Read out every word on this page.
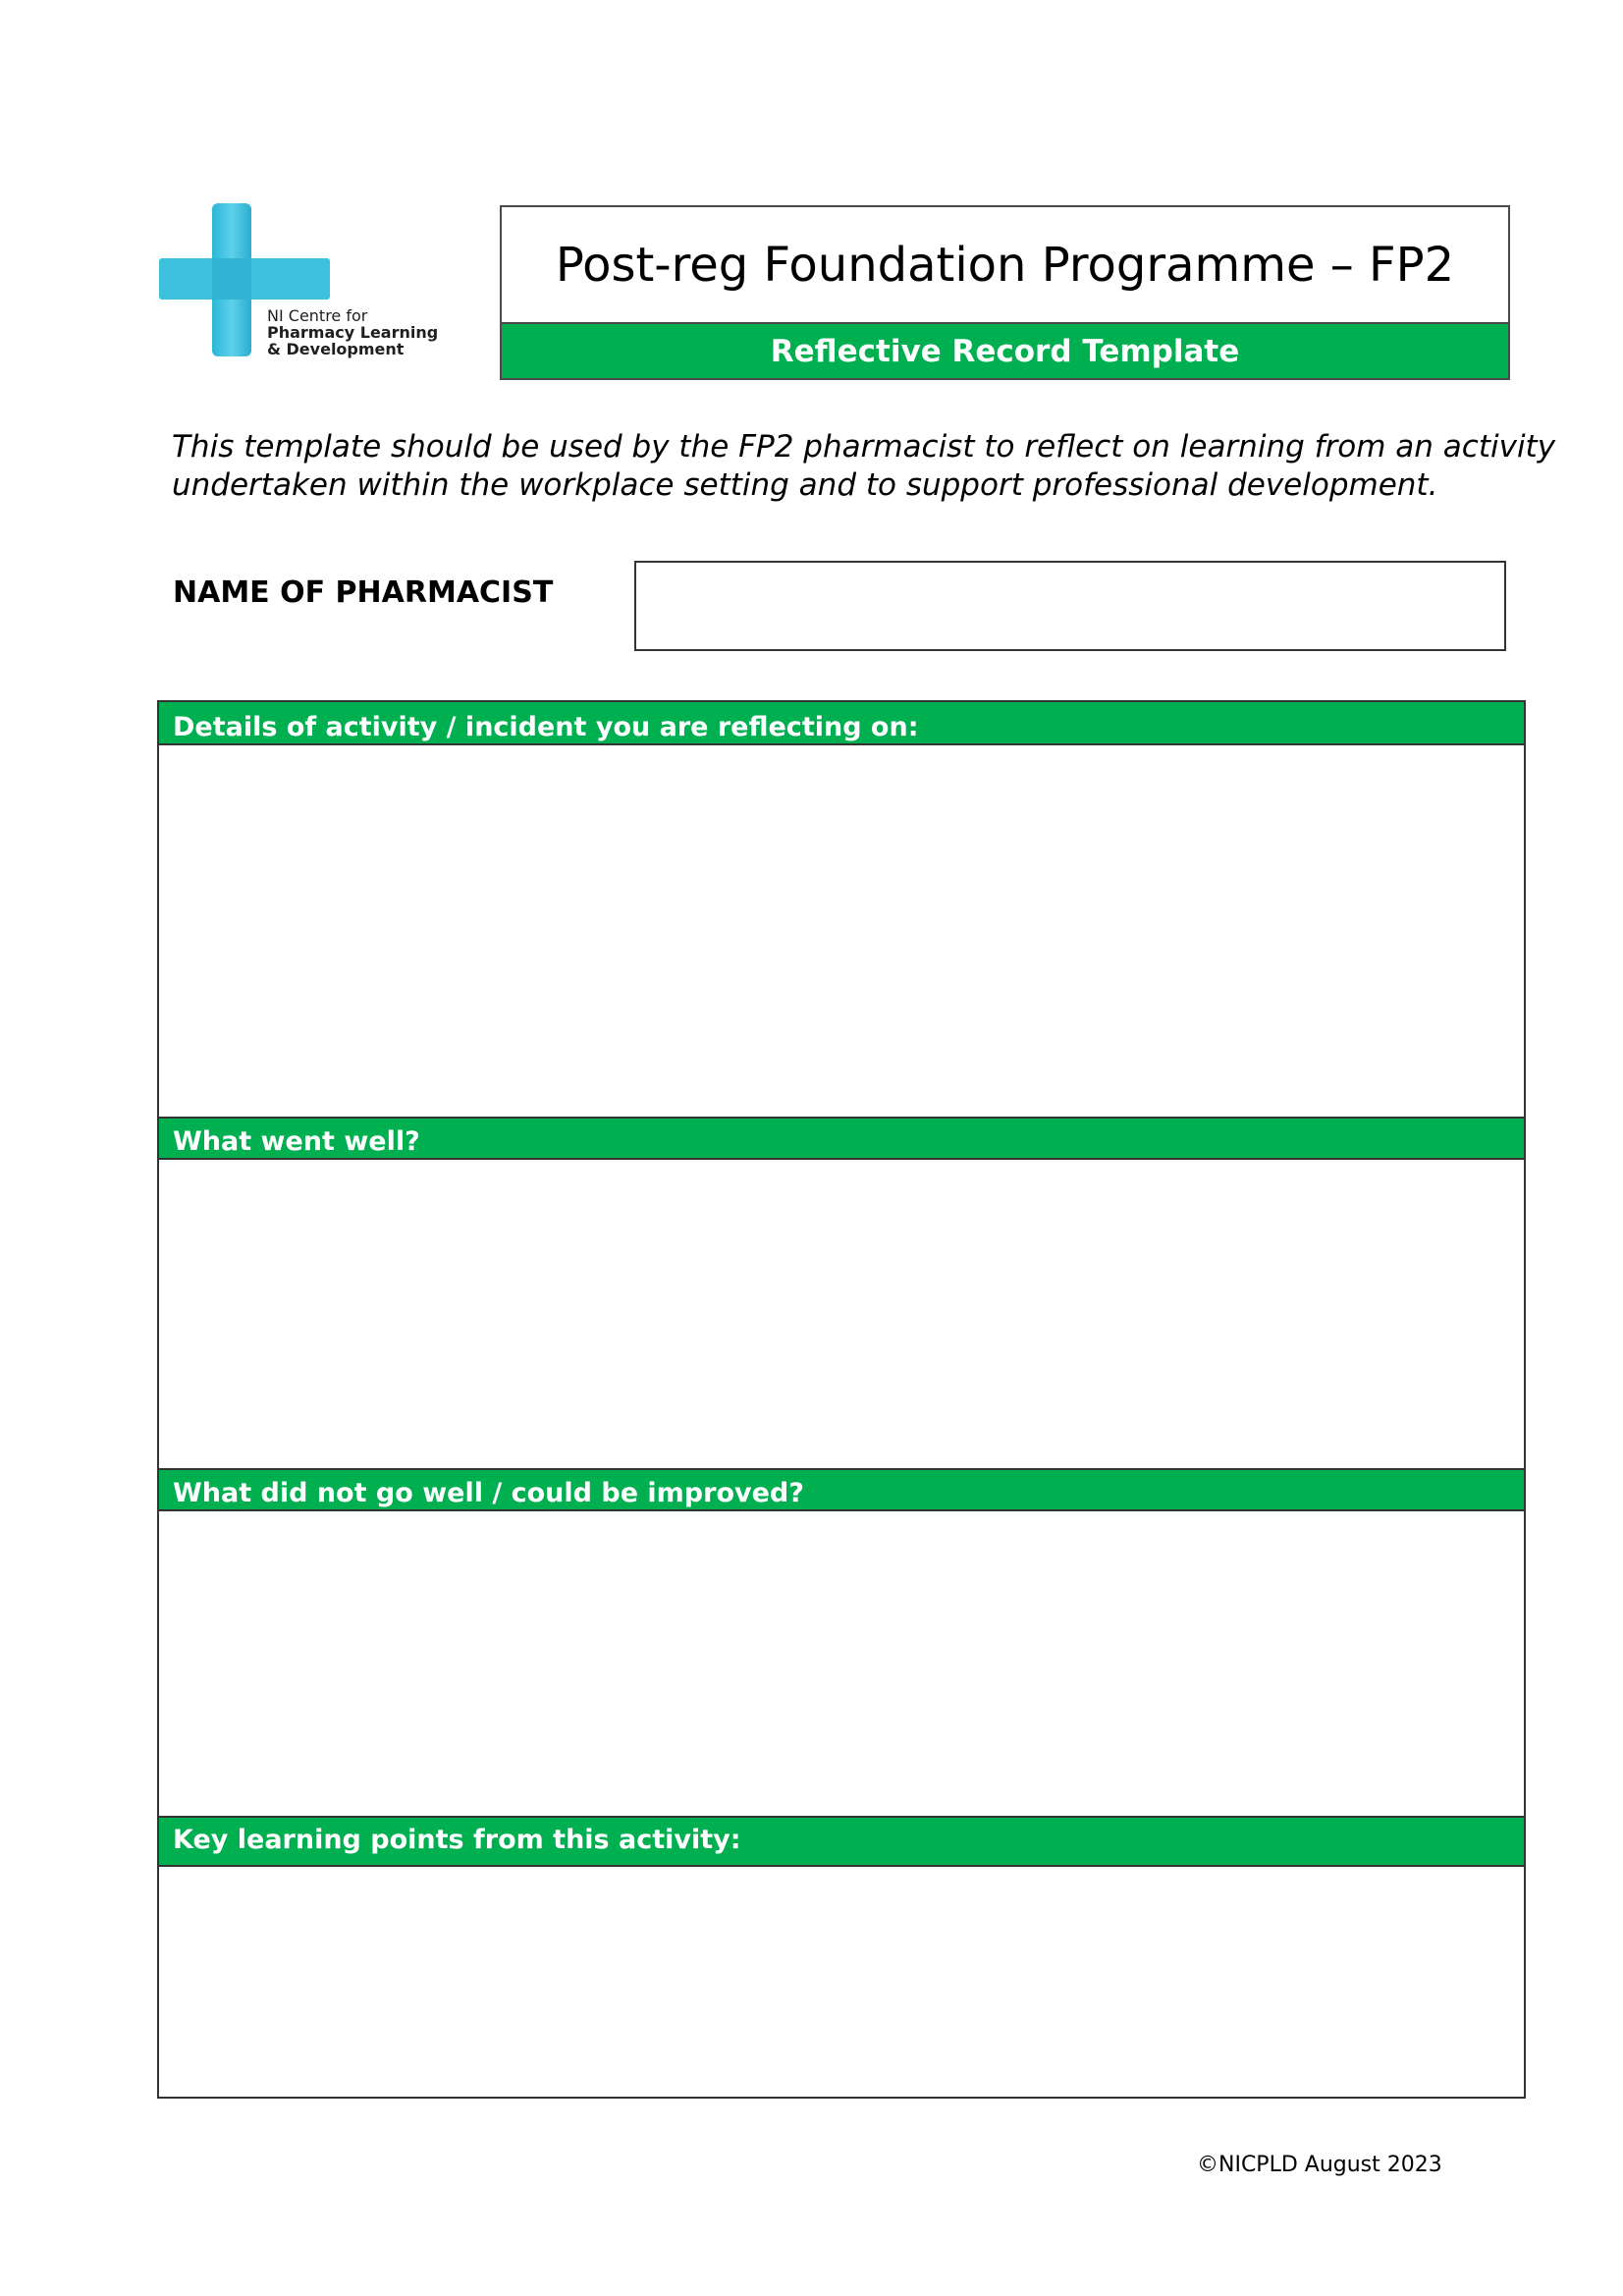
NI Centre for
Pharmacy Learning
& Development
Post-reg Foundation Programme – FP2
Reflective Record Template
This template should be used by the FP2 pharmacist to reflect on learning from an activity
undertaken within the workplace setting and to support professional development.
NAME OF PHARMACIST
Details of activity / incident you are reflecting on:
What went well?
What did not go well / could be improved?
Key learning points from this activity:
©NICPLD August 2023
